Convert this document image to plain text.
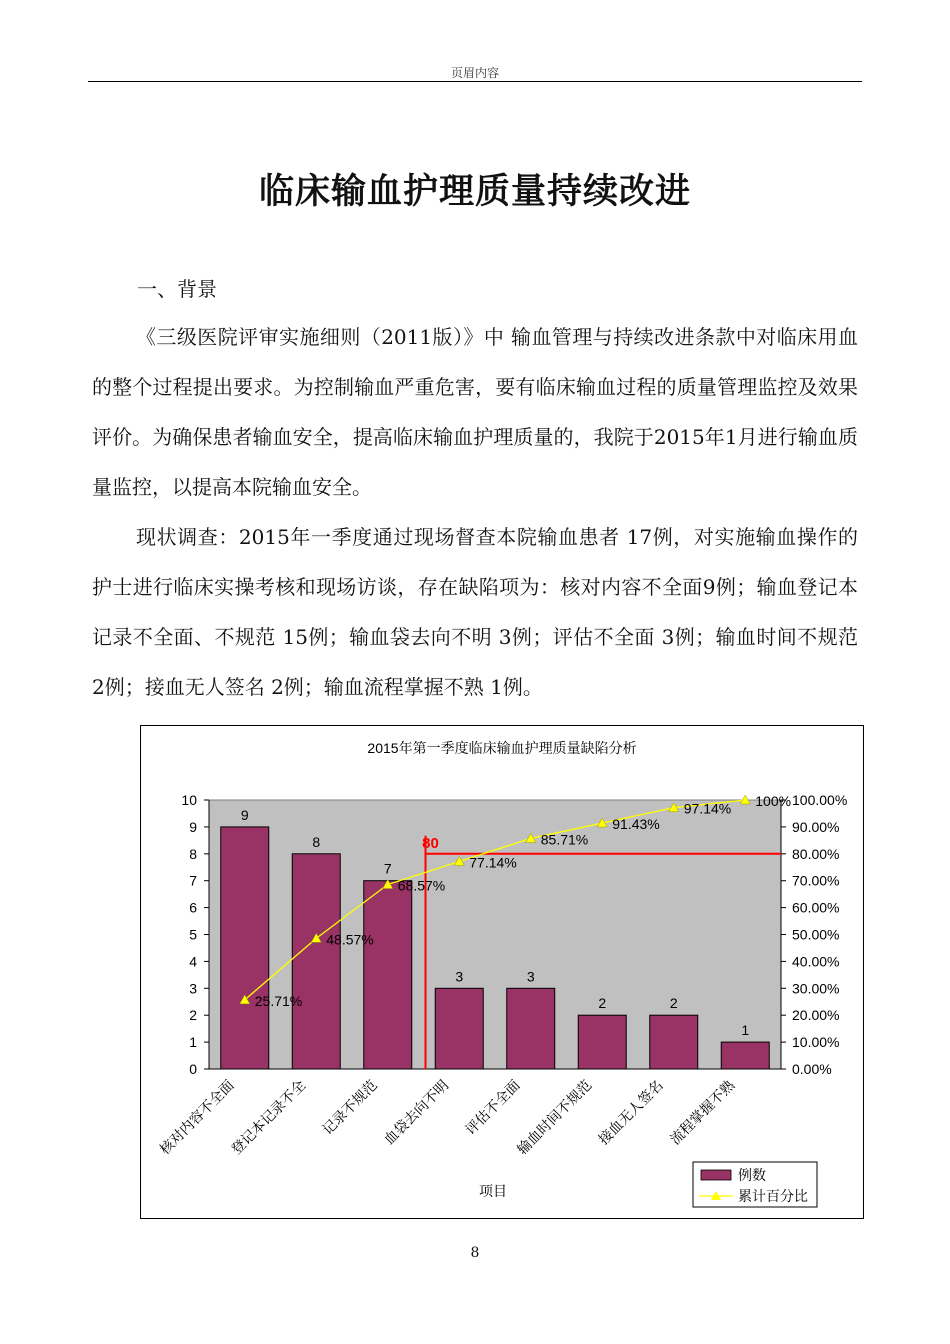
页眉内容
临床输血护理质量持续改进
一、背景

《三级医院评审实施细则（2011版）》中 输血管理与持续改进条款中对临床用血的整个过程提出要求。为控制输血严重危害，要有临床输血过程的质量管理监控及效果评价。为确保患者输血安全，提高临床输血护理质量的，我院于2015年1月进行输血质量监控，以提高本院输血安全。

现状调查：2015年一季度通过现场督查本院输血患者 17例，对实施输血操作的护士进行临床实操考核和现场访谈，存在缺陷项为：核对内容不全面9例；输血登记本记录不全面、不规范 15例；输血袋去向不明 3例；评估不全面 3例；输血时间不规范 2例；接血无人签名 2例；输血流程掌握不熟 1例。

2015年第一季度临床输血护理质量缺陷分析
0
1
2
3
4
5
6
7
8
9
10
0.00%
10.00%
20.00%
30.00%
40.00%
50.00%
60.00%
70.00%
80.00%
90.00%
100.00%
9
8
7
3	3
2	2
1
核对内容不全面
登记本记录不全 记录不规范 血袋去向不明 评估不全面
输血时间不规范 接血无人签名 流程掌握不熟
80
25.71%
48.57%
68.57%
77.14%
85.71%
91.43%
97.14% 100%
项目
例数
累计百分比
8
